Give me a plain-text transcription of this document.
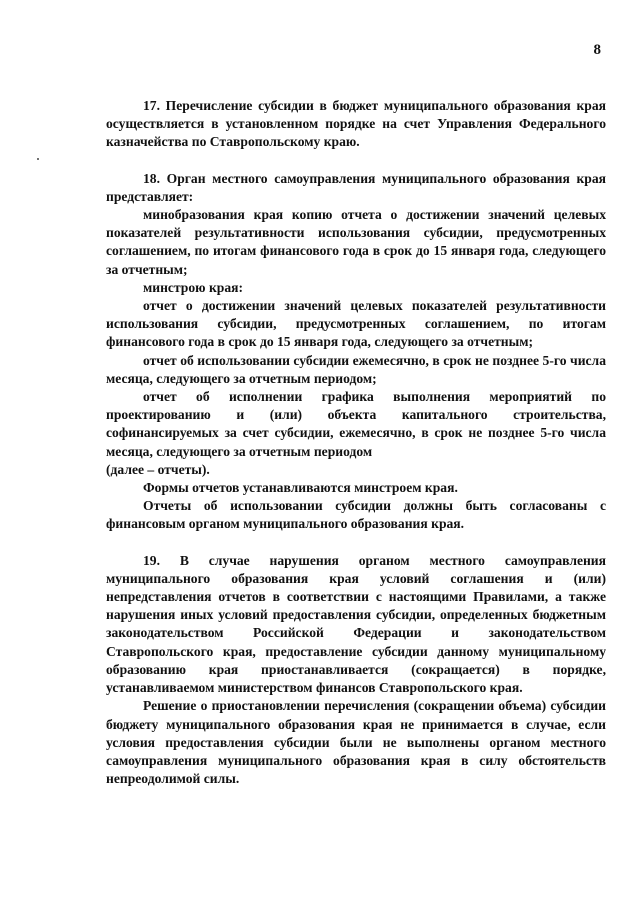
8

17. Перечисление субсидии в бюджет муниципального образования края осуществляется в установленном порядке на счет Управления Федерального казначейства по Ставропольскому краю.

18. Орган местного самоуправления муниципального образования края представляет:

минобразования края копию отчета о достижении значений целевых показателей результативности использования субсидии, предусмотренных соглашением, по итогам финансового года в срок до 15 января года, следующего за отчетным;

минстрою края:

отчет о достижении значений целевых показателей результативности использования субсидии, предусмотренных соглашением, по итогам финансового года в срок до 15 января года, следующего за отчетным;

отчет об использовании субсидии ежемесячно, в срок не позднее 5-го числа месяца, следующего за отчетным периодом;

отчет об исполнении графика выполнения мероприятий по проектированию и (или) объекта капитального строительства, софинансируемых за счет субсидии, ежемесячно, в срок не позднее 5-го числа месяца, следующего за отчетным периодом

(далее – отчеты).

Формы отчетов устанавливаются минстроем края.

Отчеты об использовании субсидии должны быть согласованы с финансовым органом муниципального образования края.

19. В случае нарушения органом местного самоуправления муниципального образования края условий соглашения и (или) непредставления отчетов в соответствии с настоящими Правилами, а также нарушения иных условий предоставления субсидии, определенных бюджетным законодательством Российской Федерации и законодательством Ставропольского края, предоставление субсидии данному муниципальному образованию края приостанавливается (сокращается) в порядке, устанавливаемом министерством финансов Ставропольского края.

Решение о приостановлении перечисления (сокращении объема) субсидии бюджету муниципального образования края не принимается в случае, если условия предоставления субсидии были не выполнены органом местного самоуправления муниципального образования края в силу обстоятельств непреодолимой силы.
